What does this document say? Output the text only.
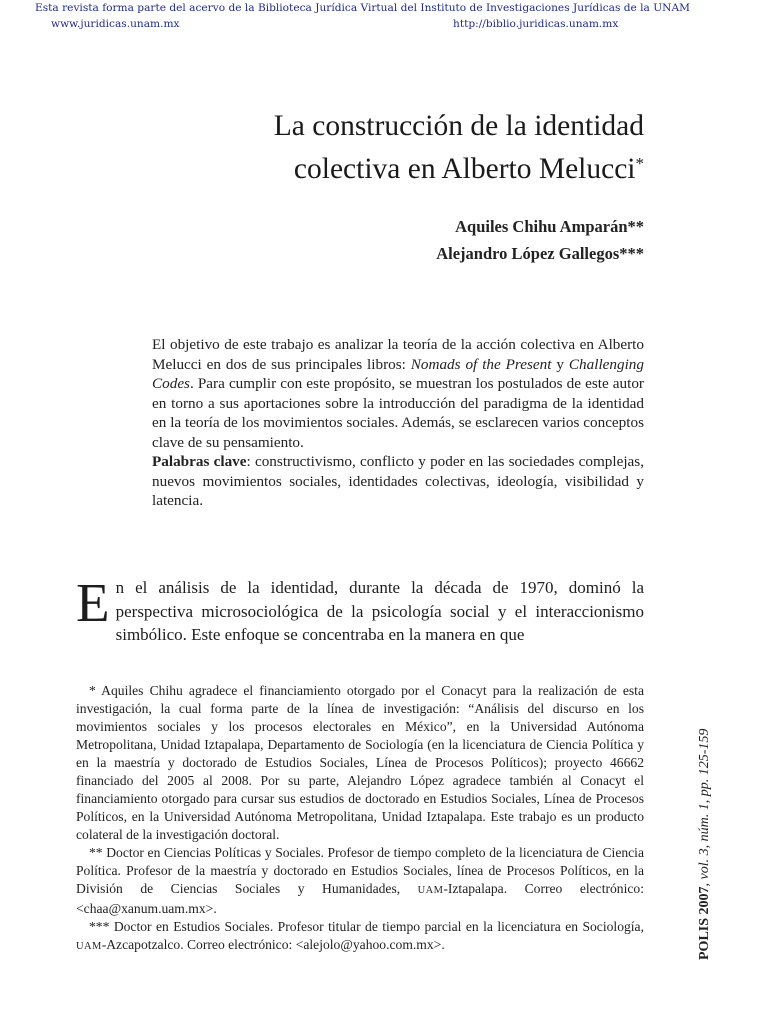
Esta revista forma parte del acervo de la Biblioteca Jurídica Virtual del Instituto de Investigaciones Jurídicas de la UNAM
www.juridicas.unam.mx	http://biblio.juridicas.unam.mx
La construcción de la identidad
colectiva en Alberto Melucci*
Aquiles Chihu Amparán**
Alejandro López Gallegos***

El objetivo de este trabajo es analizar la teoría de la acción colectiva en Alberto Melucci en dos de sus principales libros: Nomads of the Present y Challenging Codes. Para cumplir con este propósito, se muestran los postulados de este autor en torno a sus aportaciones sobre la introducción del paradigma de la identidad en la teoría de los movimientos sociales. Además, se esclarecen varios conceptos clave de su pensamiento.

Palabras clave: constructivismo, conflicto y poder en las sociedades complejas, nuevos movimientos sociales, identidades colectivas, ideología, visibilidad y latencia.

En el análisis de la identidad, durante la década de 1970, dominó la perspectiva microsociológica de la psicología social y el interaccionismo simbólico. Este enfoque se concentraba en la manera en que

* Aquiles Chihu agradece el financiamiento otorgado por el Conacyt para la realización de esta investigación, la cual forma parte de la línea de investigación: “Análisis del discurso en los movimientos sociales y los procesos electorales en México”, en la Universidad Autónoma Metropolitana, Unidad Iztapalapa, Departamento de Sociología (en la licenciatura de Ciencia Política y en la maestría y doctorado de Estudios Sociales, Línea de Procesos Políticos); proyecto 46662 financiado del 2005 al 2008. Por su parte, Alejandro López agradece también al Conacyt el financiamiento otorgado para cursar sus estudios de doctorado en Estudios Sociales, Línea de Procesos Políticos, en la Universidad Autónoma Metropolitana, Unidad Iztapalapa. Este trabajo es un producto colateral de la investigación doctoral.

** Doctor en Ciencias Políticas y Sociales. Profesor de tiempo completo de la licenciatura de Ciencia Política. Profesor de la maestría y doctorado en Estudios Sociales, línea de Procesos Políticos, en la División de Ciencias Sociales y Humanidades, UAM-Iztapalapa. Correo electrónico: <chaa@xanum.uam.mx>.

*** Doctor en Estudios Sociales. Profesor titular de tiempo parcial en la licenciatura en Sociología, UAM-Azcapotzalco. Correo electrónico: <alejolo@yahoo.com.mx>.	POLIS 2007, vol. 3, núm. 1, pp. 125-159
